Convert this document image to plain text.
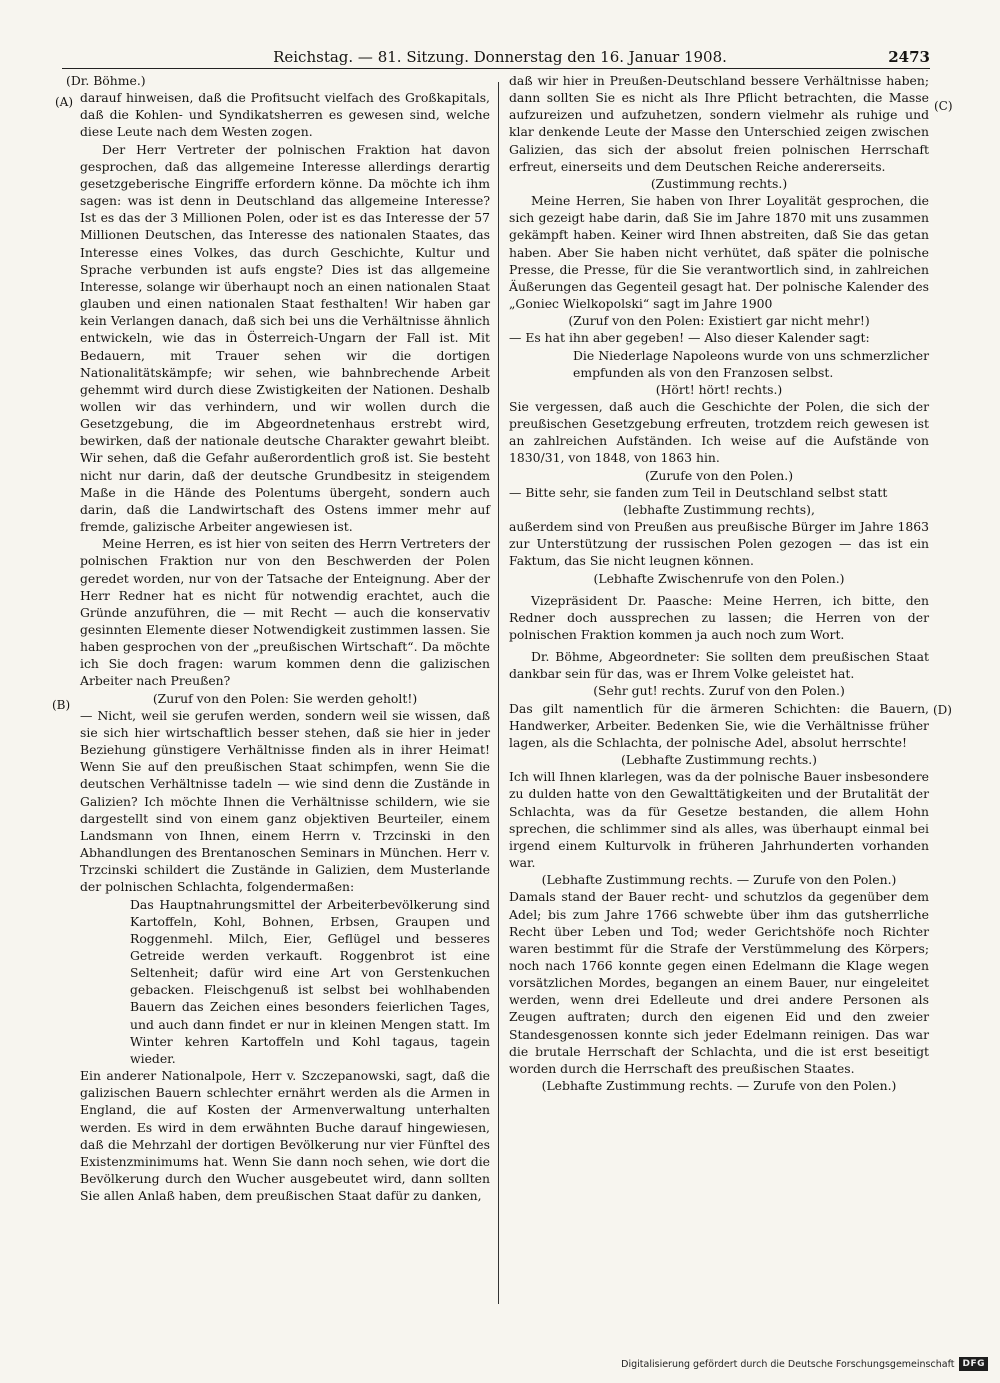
Reichstag. — 81. Sitzung. Donnerstag den 16. Januar 1908.	2473
(A)
(B)
(C)
(D)

(Dr. Böhme.)

darauf hinweisen, daß die Profitsucht vielfach des Großkapitals, daß die Kohlen- und Syndikatsherren es gewesen sind, welche diese Leute nach dem Westen zogen.

Der Herr Vertreter der polnischen Fraktion hat davon gesprochen, daß das allgemeine Interesse allerdings derartig gesetzgeberische Eingriffe erfordern könne. Da möchte ich ihm sagen: was ist denn in Deutschland das allgemeine Interesse? Ist es das der 3 Millionen Polen, oder ist es das Interesse der 57 Millionen Deutschen, das Interesse des nationalen Staates, das Interesse eines Volkes, das durch Geschichte, Kultur und Sprache verbunden ist aufs engste? Dies ist das allgemeine Interesse, solange wir überhaupt noch an einen nationalen Staat glauben und einen nationalen Staat festhalten! Wir haben gar kein Verlangen danach, daß sich bei uns die Verhältnisse ähnlich entwickeln, wie das in Österreich-Ungarn der Fall ist. Mit Bedauern, mit Trauer sehen wir die dortigen Nationalitätskämpfe; wir sehen, wie bahnbrechende Arbeit gehemmt wird durch diese Zwistigkeiten der Nationen. Deshalb wollen wir das verhindern, und wir wollen durch die Gesetzgebung, die im Abgeordnetenhaus erstrebt wird, bewirken, daß der nationale deutsche Charakter gewahrt bleibt. Wir sehen, daß die Gefahr außerordentlich groß ist. Sie besteht nicht nur darin, daß der deutsche Grundbesitz in steigendem Maße in die Hände des Polentums übergeht, sondern auch darin, daß die Landwirtschaft des Ostens immer mehr auf fremde, galizische Arbeiter angewiesen ist.

Meine Herren, es ist hier von seiten des Herrn Vertreters der polnischen Fraktion nur von den Beschwerden der Polen geredet worden, nur von der Tatsache der Enteignung. Aber der Herr Redner hat es nicht für notwendig erachtet, auch die Gründe anzuführen, die — mit Recht — auch die konservativ gesinnten Elemente dieser Notwendigkeit zustimmen lassen. Sie haben gesprochen von der „preußischen Wirtschaft“. Da möchte ich Sie doch fragen: warum kommen denn die galizischen Arbeiter nach Preußen?

(Zuruf von den Polen: Sie werden geholt!)

— Nicht, weil sie gerufen werden, sondern weil sie wissen, daß sie sich hier wirtschaftlich besser stehen, daß sie hier in jeder Beziehung günstigere Verhältnisse finden als in ihrer Heimat! Wenn Sie auf den preußischen Staat schimpfen, wenn Sie die deutschen Verhältnisse tadeln — wie sind denn die Zustände in Galizien? Ich möchte Ihnen die Verhältnisse schildern, wie sie dargestellt sind von einem ganz objektiven Beurteiler, einem Landsmann von Ihnen, einem Herrn v. Trzcinski in den Abhandlungen des Brentanoschen Seminars in München. Herr v. Trzcinski schildert die Zustände in Galizien, dem Musterlande der polnischen Schlachta, folgendermaßen:

Das Hauptnahrungsmittel der Arbeiterbevölkerung sind Kartoffeln, Kohl, Bohnen, Erbsen, Graupen und Roggenmehl. Milch, Eier, Geflügel und besseres Getreide werden verkauft. Roggenbrot ist eine Seltenheit; dafür wird eine Art von Gerstenkuchen gebacken. Fleischgenuß ist selbst bei wohlhabenden Bauern das Zeichen eines besonders feierlichen Tages, und auch dann findet er nur in kleinen Mengen statt. Im Winter kehren Kartoffeln und Kohl tagaus, tagein wieder.

Ein anderer Nationalpole, Herr v. Szczepanowski, sagt, daß die galizischen Bauern schlechter ernährt werden als die Armen in England, die auf Kosten der Armenverwaltung unterhalten werden. Es wird in dem erwähnten Buche darauf hingewiesen, daß die Mehrzahl der dortigen Bevölkerung nur vier Fünftel des Existenzminimums hat. Wenn Sie dann noch sehen, wie dort die Bevölkerung durch den Wucher ausgebeutet wird, dann sollten Sie allen Anlaß haben, dem preußischen Staat dafür zu danken,

daß wir hier in Preußen-Deutschland bessere Verhältnisse haben; dann sollten Sie es nicht als Ihre Pflicht betrachten, die Masse aufzureizen und aufzuhetzen, sondern vielmehr als ruhige und klar denkende Leute der Masse den Unterschied zeigen zwischen Galizien, das sich der absolut freien polnischen Herrschaft erfreut, einerseits und dem Deutschen Reiche andererseits.

(Zustimmung rechts.)

Meine Herren, Sie haben von Ihrer Loyalität gesprochen, die sich gezeigt habe darin, daß Sie im Jahre 1870 mit uns zusammen gekämpft haben. Keiner wird Ihnen abstreiten, daß Sie das getan haben. Aber Sie haben nicht verhütet, daß später die polnische Presse, die Presse, für die Sie verantwortlich sind, in zahlreichen Äußerungen das Gegenteil gesagt hat. Der polnische Kalender des „Goniec Wielkopolski“ sagt im Jahre 1900

(Zuruf von den Polen: Existiert gar nicht mehr!)

— Es hat ihn aber gegeben! — Also dieser Kalender sagt:

Die Niederlage Napoleons wurde von uns schmerzlicher empfunden als von den Franzosen selbst.

(Hört! hört! rechts.)

Sie vergessen, daß auch die Geschichte der Polen, die sich der preußischen Gesetzgebung erfreuten, trotzdem reich gewesen ist an zahlreichen Aufständen. Ich weise auf die Aufstände von 1830/31, von 1848, von 1863 hin.

(Zurufe von den Polen.)

— Bitte sehr, sie fanden zum Teil in Deutschland selbst statt

(lebhafte Zustimmung rechts),

außerdem sind von Preußen aus preußische Bürger im Jahre 1863 zur Unterstützung der russischen Polen gezogen — das ist ein Faktum, das Sie nicht leugnen können.

(Lebhafte Zwischenrufe von den Polen.)

Vizepräsident Dr. Paasche: Meine Herren, ich bitte, den Redner doch aussprechen zu lassen; die Herren von der polnischen Fraktion kommen ja auch noch zum Wort.

Dr. Böhme, Abgeordneter: Sie sollten dem preußischen Staat dankbar sein für das, was er Ihrem Volke geleistet hat.

(Sehr gut! rechts. Zuruf von den Polen.)

Das gilt namentlich für die ärmeren Schichten: die Bauern, Handwerker, Arbeiter. Bedenken Sie, wie die Verhältnisse früher lagen, als die Schlachta, der polnische Adel, absolut herrschte!

(Lebhafte Zustimmung rechts.)

Ich will Ihnen klarlegen, was da der polnische Bauer insbesondere zu dulden hatte von den Gewalttätigkeiten und der Brutalität der Schlachta, was da für Gesetze bestanden, die allem Hohn sprechen, die schlimmer sind als alles, was überhaupt einmal bei irgend einem Kulturvolk in früheren Jahrhunderten vorhanden war.

(Lebhafte Zustimmung rechts. — Zurufe von den Polen.)

Damals stand der Bauer recht- und schutzlos da gegenüber dem Adel; bis zum Jahre 1766 schwebte über ihm das gutsherrliche Recht über Leben und Tod; weder Gerichtshöfe noch Richter waren bestimmt für die Strafe der Verstümmelung des Körpers; noch nach 1766 konnte gegen einen Edelmann die Klage wegen vorsätzlichen Mordes, begangen an einem Bauer, nur eingeleitet werden, wenn drei Edelleute und drei andere Personen als Zeugen auftraten; durch den eigenen Eid und den zweier Standesgenossen konnte sich jeder Edelmann reinigen. Das war die brutale Herrschaft der Schlachta, und die ist erst beseitigt worden durch die Herrschaft des preußischen Staates.

(Lebhafte Zustimmung rechts. — Zurufe von den Polen.)

Digitalisierung gefördert durch die Deutsche Forschungsgemeinschaft DFG
